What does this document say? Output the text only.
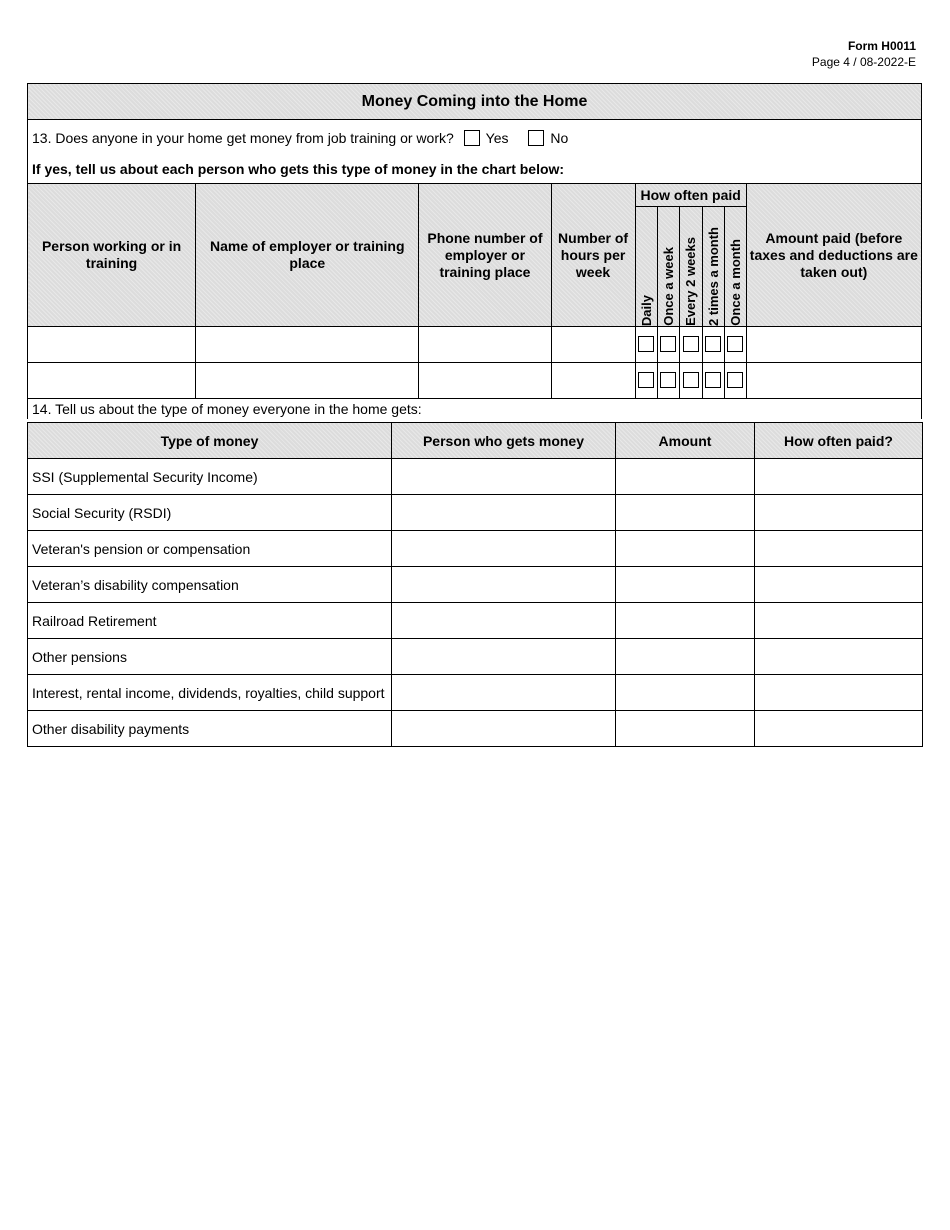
Form H0011
Page 4 / 08-2022-E
Money Coming into the Home									
13. Does anyone in your home get money from job training or work? Yes No									
If yes, tell us about each person who gets this type of money in the chart below:									
Person working or in training	Name of employer or training place	Phone number of employer or training place	Number of hours per week	How often paid					Amount paid (before taxes and deductions are taken out)

				Daily	Once a week	Every 2 weeks	2 times a month	Once a month	

14. Tell us about the type of money everyone in the home gets:									
Type of money	Person who gets money	Amount	How often paid?
SSI (Supplemental Security Income)			
Social Security (RSDI)			
Veteran's pension or compensation			
Veteran’s disability compensation			
Railroad Retirement			
Other pensions			
Interest, rental income, dividends, royalties, child support			
Other disability payments			
